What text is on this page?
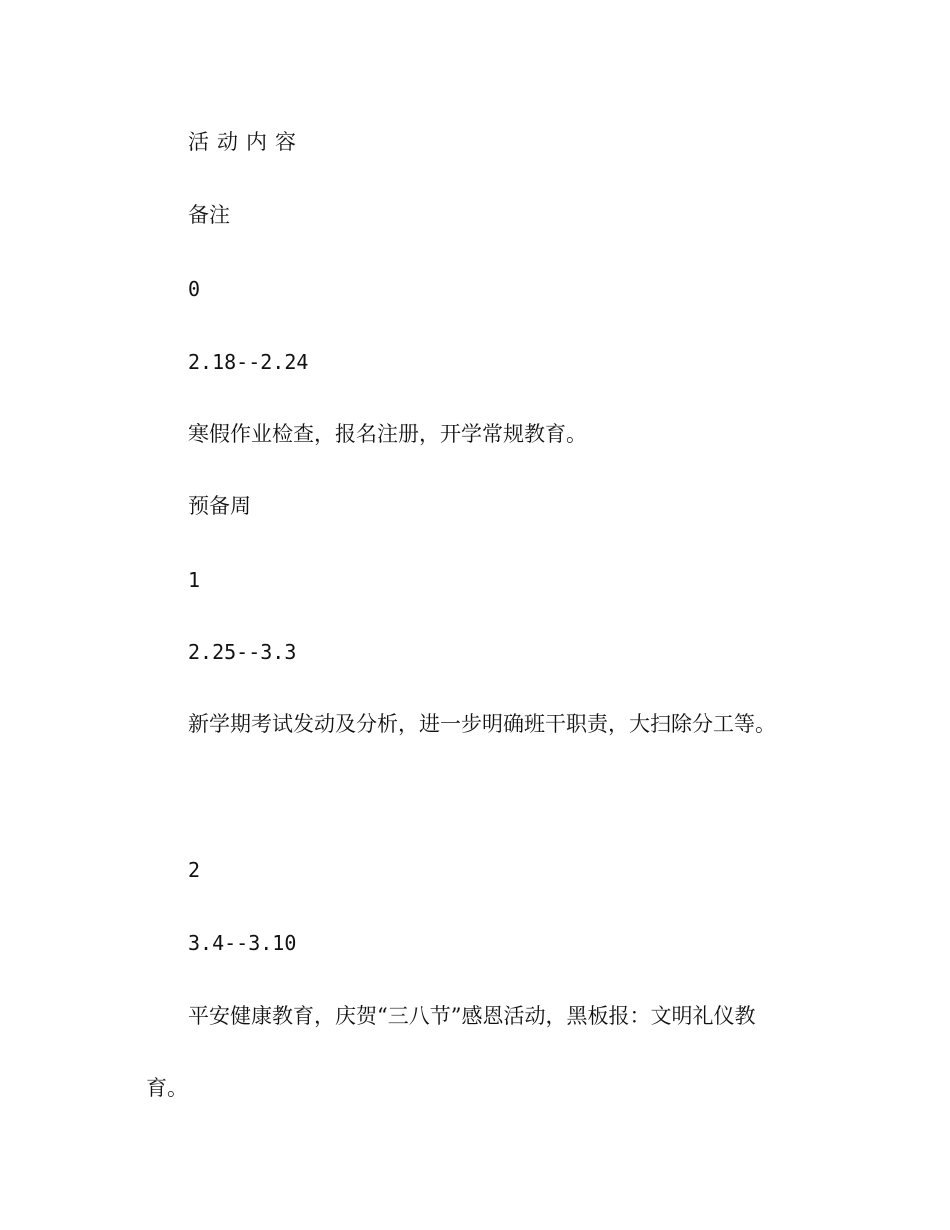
活动内容
备注
0
2.18--2.24
寒假作业检查，报名注册，开学常规教育。
预备周
1
2.25--3.3
新学期考试发动及分析，进一步明确班干职责，大扫除分工等。
2
3.4--3.10
平安健康教育，庆贺“三八节”感恩活动，黑板报：文明礼仪教
育。
